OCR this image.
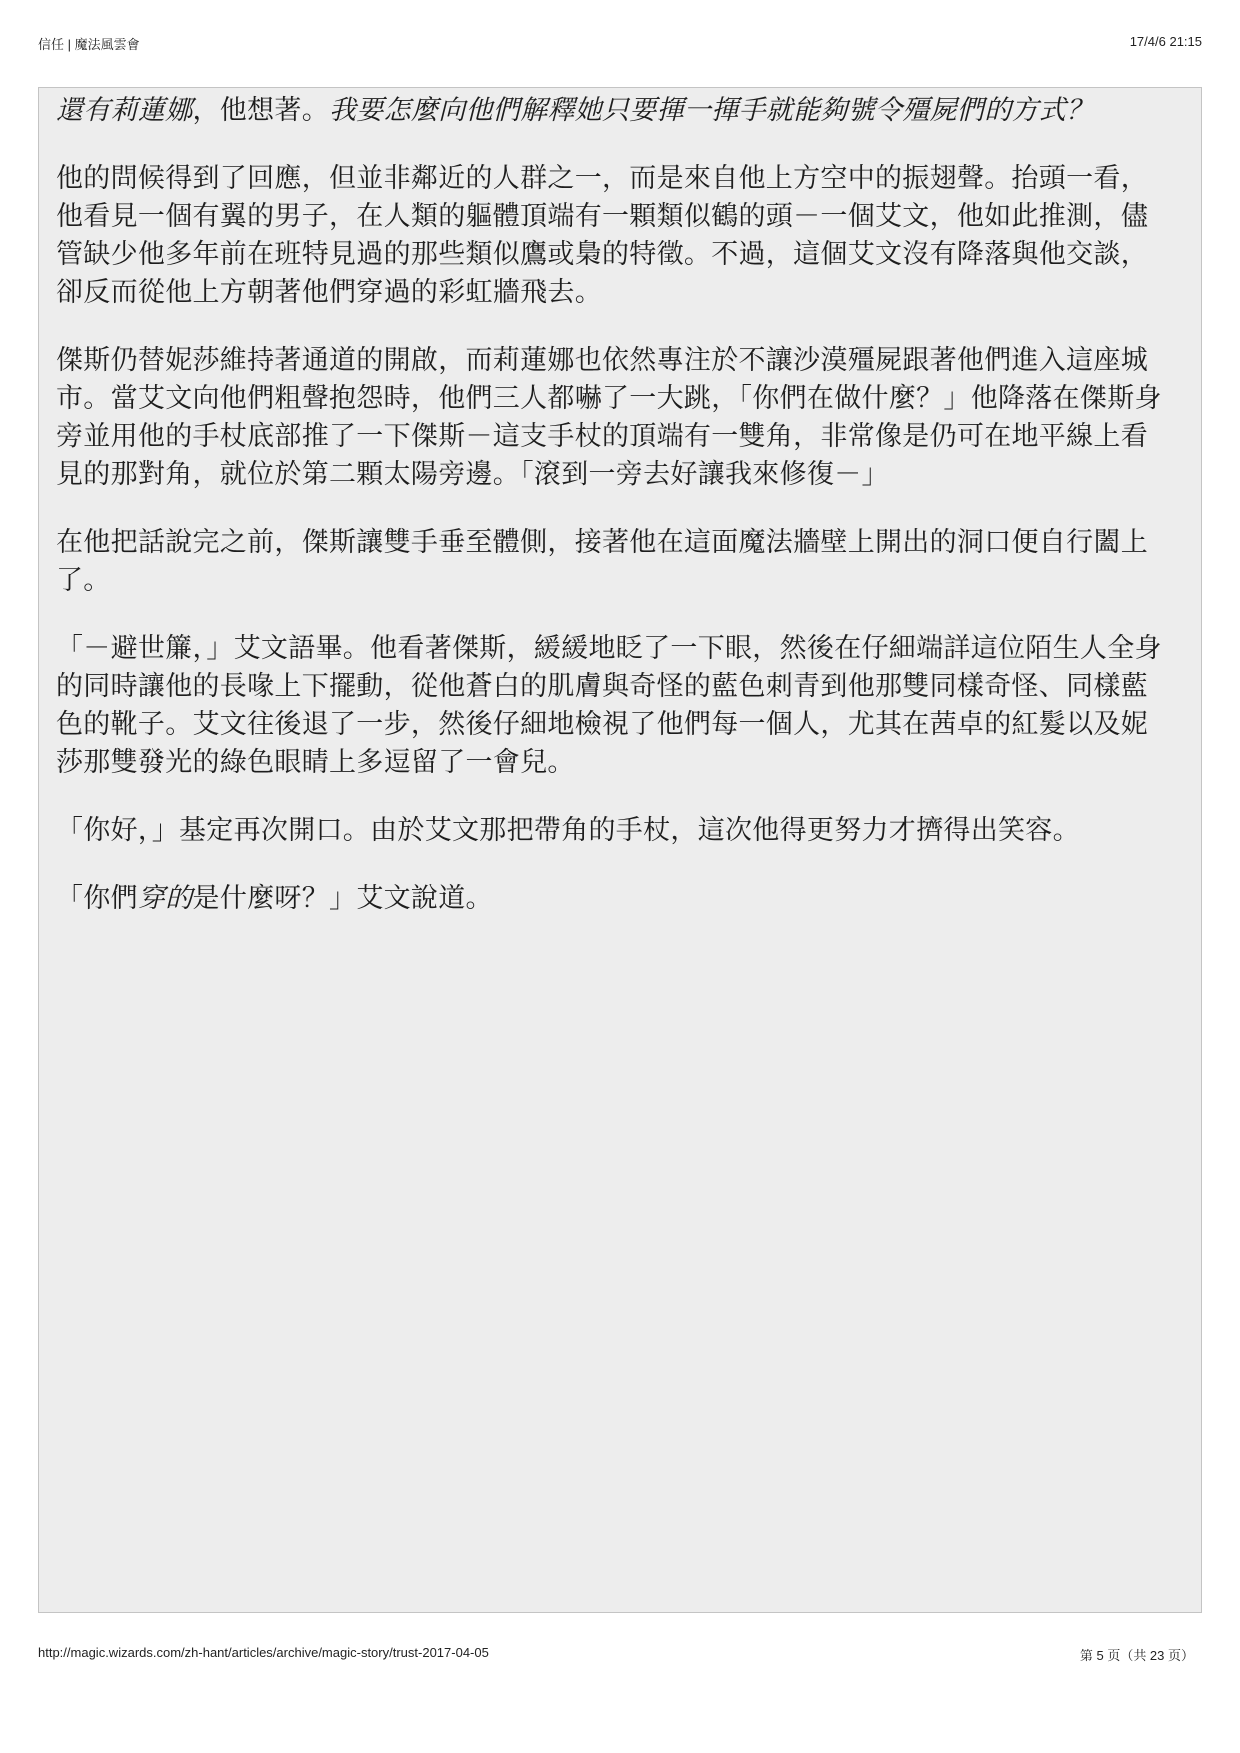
信任 | 魔法風雲會	17/4/6 21:15

還有莉蓮娜，他想著。我要怎麼向他們解釋她只要揮一揮手就能夠號令殭屍們的方式？

他的問候得到了回應，但並非鄰近的人群之一，而是來自他上方空中的振翅聲。抬頭一看，他看見一個有翼的男子，在人類的軀體頂端有一顆類似鶴的頭－一個艾文，他如此推測，儘管缺少他多年前在班特見過的那些類似鷹或梟的特徵。不過，這個艾文沒有降落與他交談，卻反而從他上方朝著他們穿過的彩虹牆飛去。

傑斯仍替妮莎維持著通道的開啟，而莉蓮娜也依然專注於不讓沙漠殭屍跟著他們進入這座城市。當艾文向他們粗聲抱怨時，他們三人都嚇了一大跳，「你們在做什麼？」他降落在傑斯身旁並用他的手杖底部推了一下傑斯－這支手杖的頂端有一雙角，非常像是仍可在地平線上看見的那對角，就位於第二顆太陽旁邊。「滾到一旁去好讓我來修復－」

在他把話說完之前，傑斯讓雙手垂至體側，接著他在這面魔法牆壁上開出的洞口便自行闔上了。

「－避世簾，」艾文語畢。他看著傑斯，緩緩地眨了一下眼，然後在仔細端詳這位陌生人全身的同時讓他的長喙上下擺動，從他蒼白的肌膚與奇怪的藍色刺青到他那雙同樣奇怪、同樣藍色的靴子。艾文往後退了一步，然後仔細地檢視了他們每一個人，尤其在茜卓的紅髮以及妮莎那雙發光的綠色眼睛上多逗留了一會兒。

「你好，」基定再次開口。由於艾文那把帶角的手杖，這次他得更努力才擠得出笑容。

「你們穿的是什麼呀？」艾文說道。

http://magic.wizards.com/zh-hant/articles/archive/magic-story/trust-2017-04-05	第 5 页（共 23 页）
